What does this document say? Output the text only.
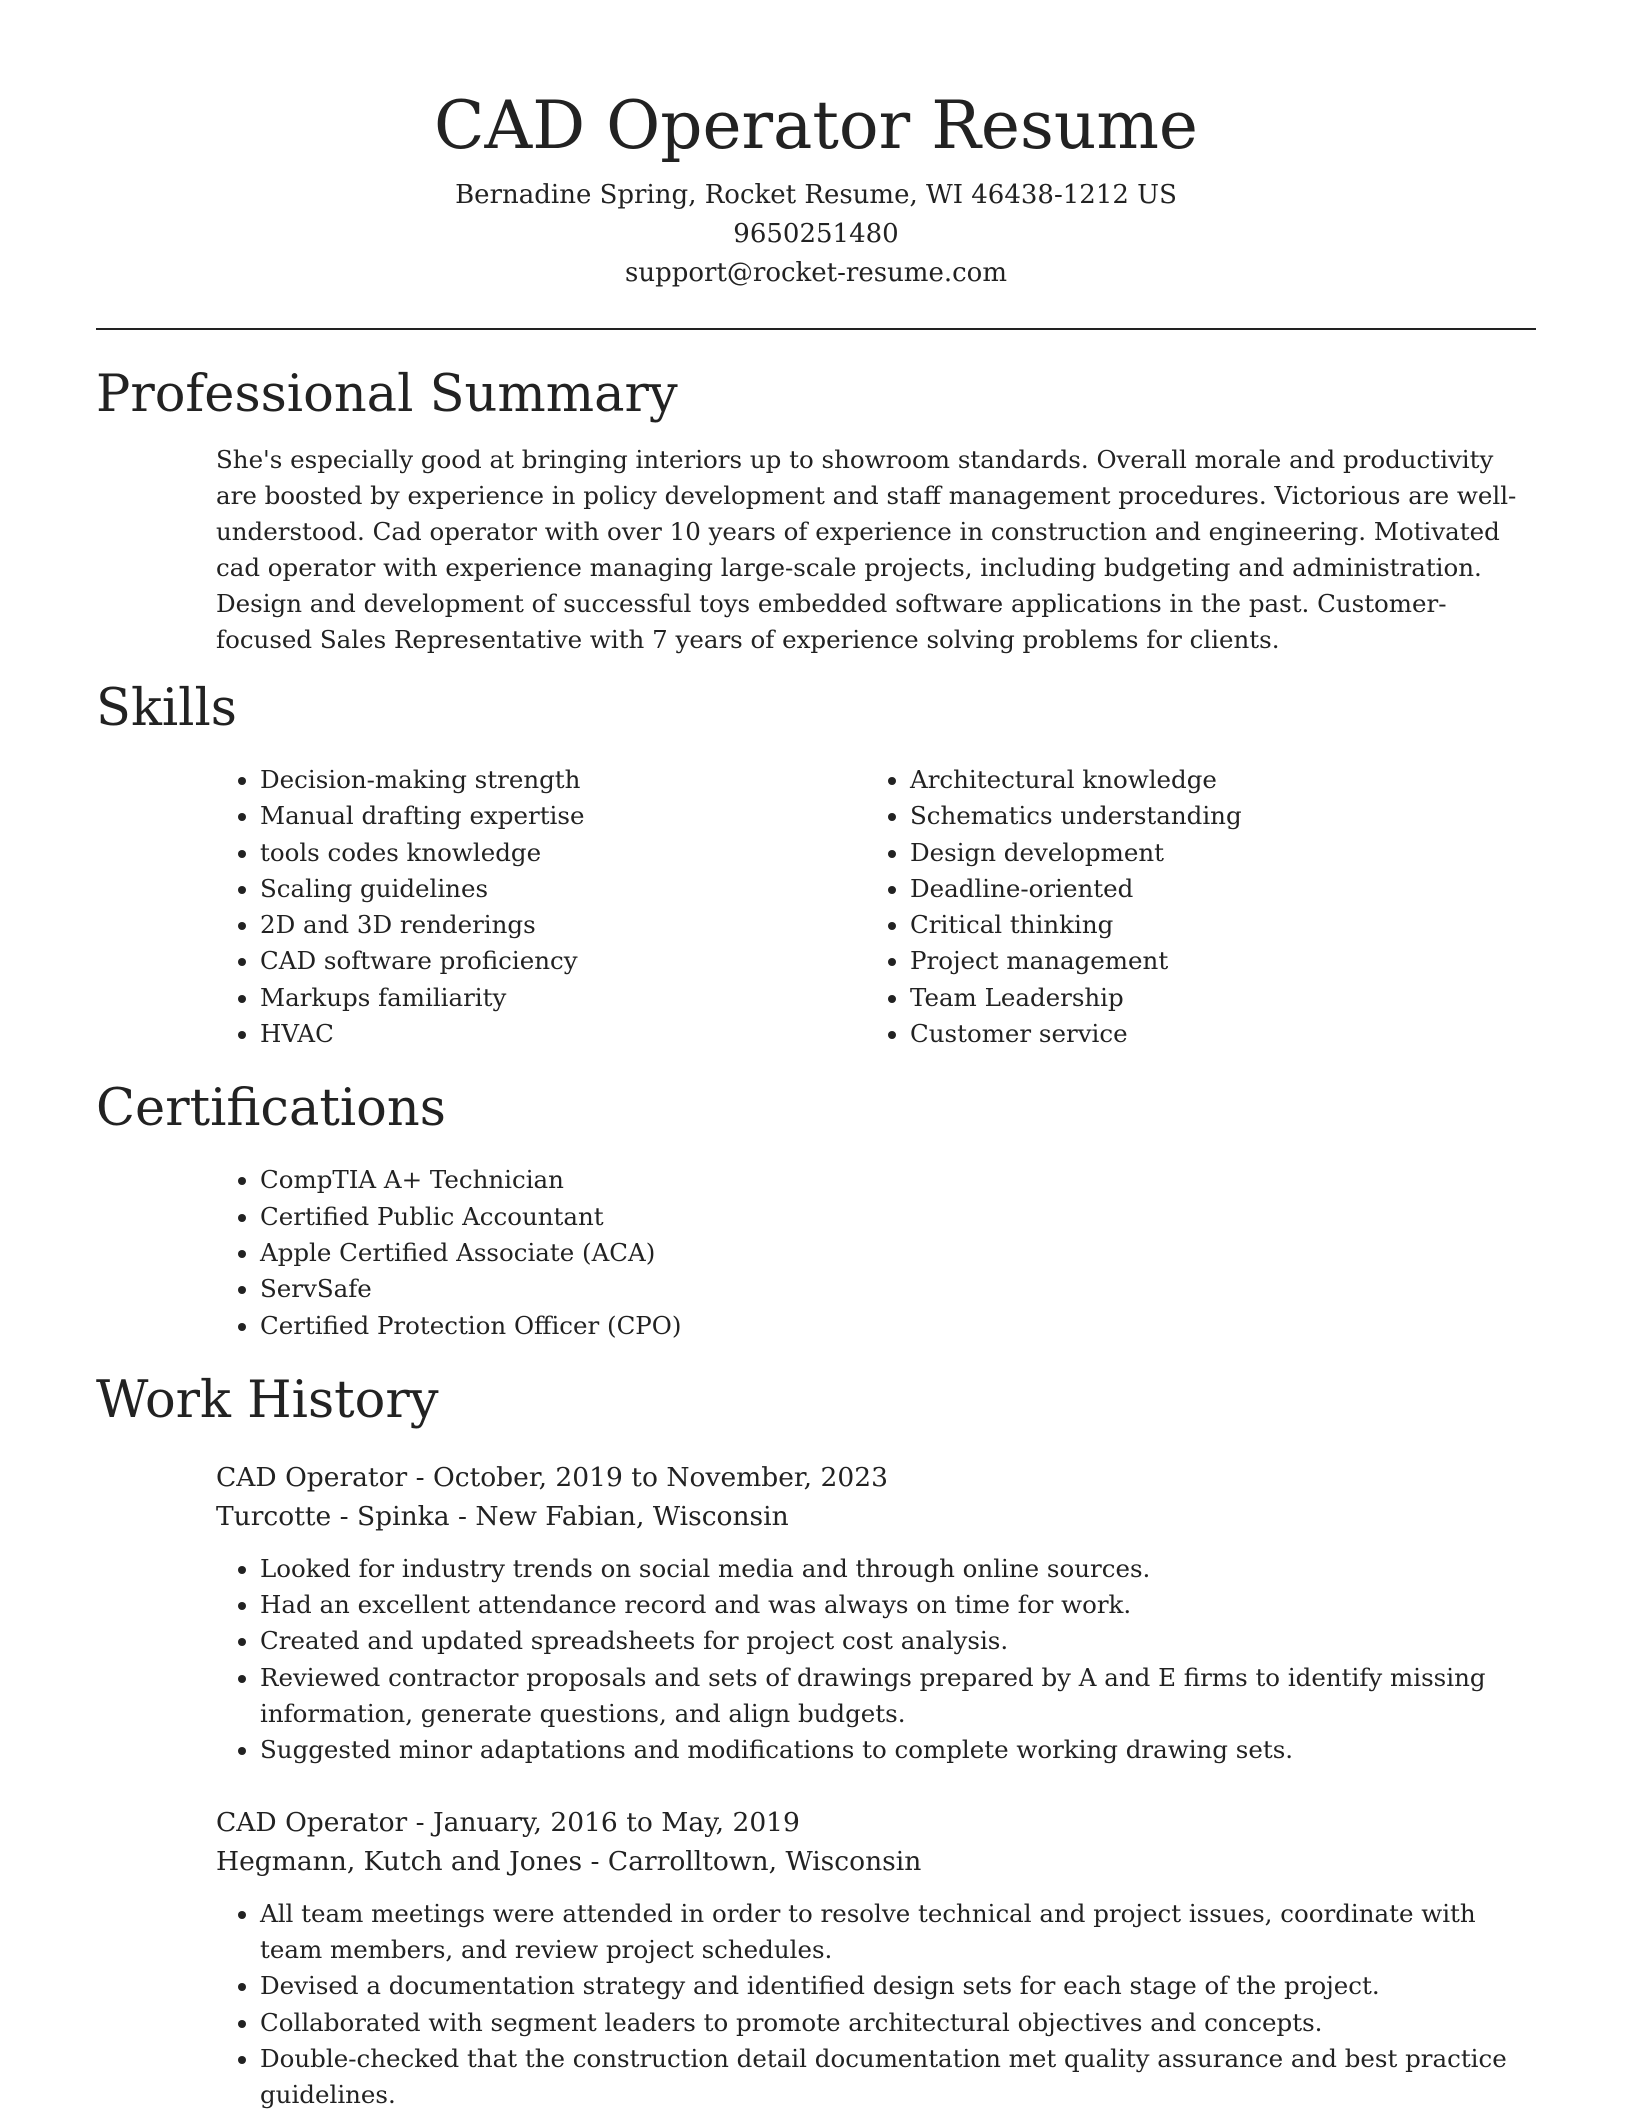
CAD Operator Resume
Bernadine Spring, Rocket Resume, WI 46438-1212 US
9650251480
support@rocket-resume.com
Professional Summary
She's especially good at bringing interiors up to showroom standards. Overall morale and productivity are boosted by experience in policy development and staff management procedures. Victorious are well-understood. Cad operator with over 10 years of experience in construction and engineering. Motivated cad operator with experience managing large-scale projects, including budgeting and administration. Design and development of successful toys embedded software applications in the past. Customer-focused Sales Representative with 7 years of experience solving problems for clients.
Skills
• Decision-making strength
• Manual drafting expertise
• tools codes knowledge
• Scaling guidelines
• 2D and 3D renderings
• CAD software proficiency
• Markups familiarity
• HVAC
• Architectural knowledge
• Schematics understanding
• Design development
• Deadline-oriented
• Critical thinking
• Project management
• Team Leadership
• Customer service
Certifications
• CompTIA A+ Technician
• Certified Public Accountant
• Apple Certified Associate (ACA)
• ServSafe
• Certified Protection Officer (CPO)
Work History
CAD Operator - October, 2019 to November, 2023
Turcotte - Spinka - New Fabian, Wisconsin
• Looked for industry trends on social media and through online sources.
• Had an excellent attendance record and was always on time for work.
• Created and updated spreadsheets for project cost analysis.
• Reviewed contractor proposals and sets of drawings prepared by A and E firms to identify missing information, generate questions, and align budgets.
• Suggested minor adaptations and modifications to complete working drawing sets.
CAD Operator - January, 2016 to May, 2019
Hegmann, Kutch and Jones - Carrolltown, Wisconsin
• All team meetings were attended in order to resolve technical and project issues, coordinate with team members, and review project schedules.
• Devised a documentation strategy and identified design sets for each stage of the project.
• Collaborated with segment leaders to promote architectural objectives and concepts.
• Double-checked that the construction detail documentation met quality assurance and best practice guidelines.
